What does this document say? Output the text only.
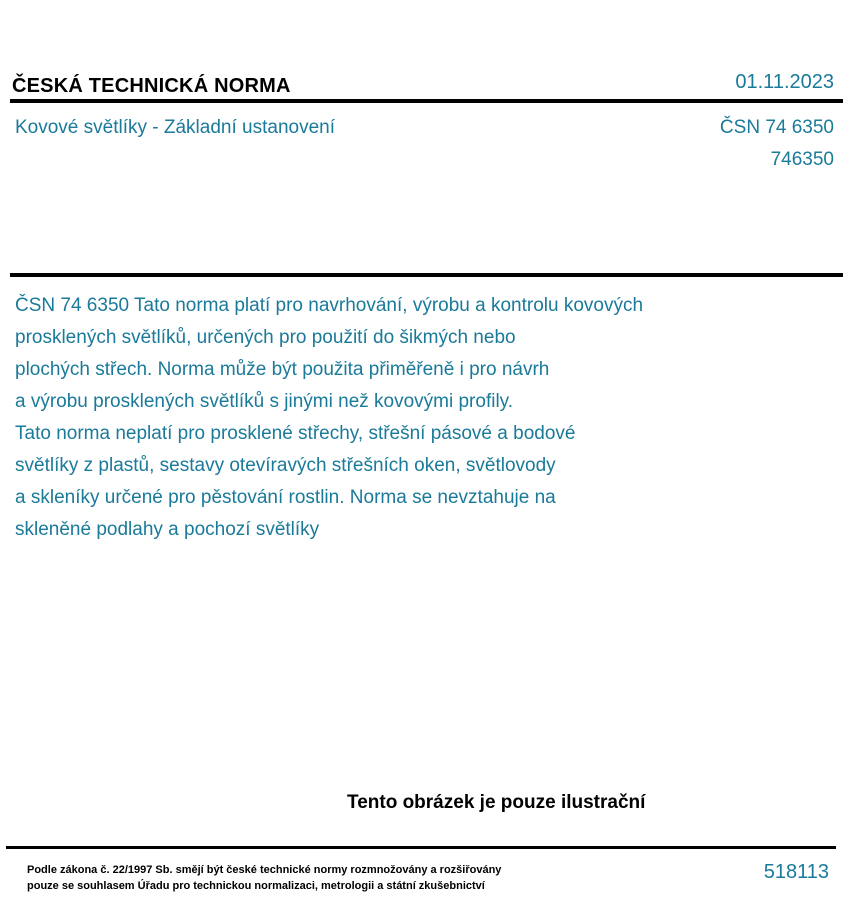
ČESKÁ TECHNICKÁ NORMA	01.11.2023
Kovové světlíky - Základní ustanovení	ČSN 74 6350
746350

ČSN 74 6350 Tato norma platí pro navrhování, výrobu a kontrolu kovových
prosklených světlíků, určených pro použití do šikmých nebo
plochých střech. Norma může být použita přiměřeně i pro návrh
a výrobu prosklených světlíků s jinými než kovovými profily.
Tato norma neplatí pro prosklené střechy, střešní pásové a bodové
světlíky z plastů, sestavy otevíravých střešních oken, světlovody
a skleníky určené pro pěstování rostlin. Norma se nevztahuje na
skleněné podlahy a pochozí světlíky

Tento obrázek je pouze ilustrační
Podle zákona č. 22/1997 Sb. smějí být české technické normy rozmnožovány a rozšiřovány
pouze se souhlasem Úřadu pro technickou normalizaci, metrologii a státní zkušebnictví
518113
